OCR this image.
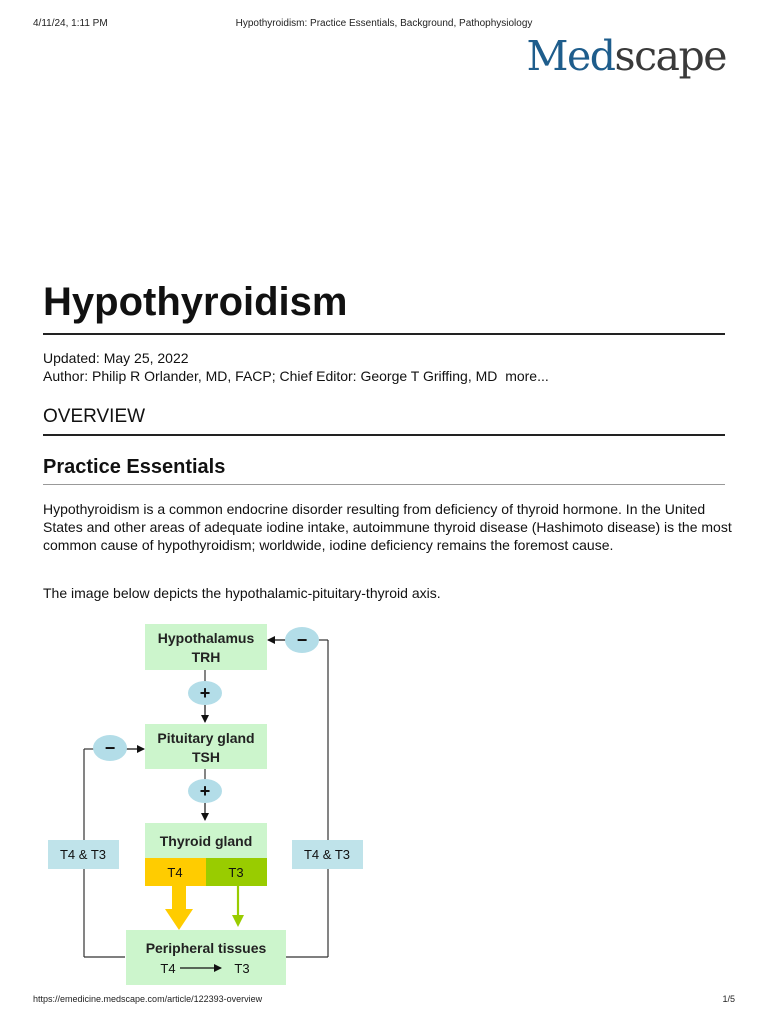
4/11/24, 1:11 PM	Hypothyroidism: Practice Essentials, Background, Pathophysiology
Medscape
Hypothyroidism
Updated: May 25, 2022
Author: Philip R Orlander, MD, FACP; Chief Editor: George T Griffing, MD more...
OVERVIEW
Practice Essentials

Hypothyroidism is a common endocrine disorder resulting from deficiency of thyroid hormone. In the United States and other areas of adequate iodine intake, autoimmune thyroid disease (Hashimoto disease) is the most common cause of hypothyroidism; worldwide, iodine deficiency remains the foremost cause.

The image below depicts the hypothalamic-pituitary-thyroid axis.

Hypothalamus
TRH
+
Pituitary gland
TSH
+
Thyroid gland
T4	T3
Peripheral tissues
T4	T3
−
−
T4 & T3	T4 & T3
https://emedicine.medscape.com/article/122393-overview	1/5
